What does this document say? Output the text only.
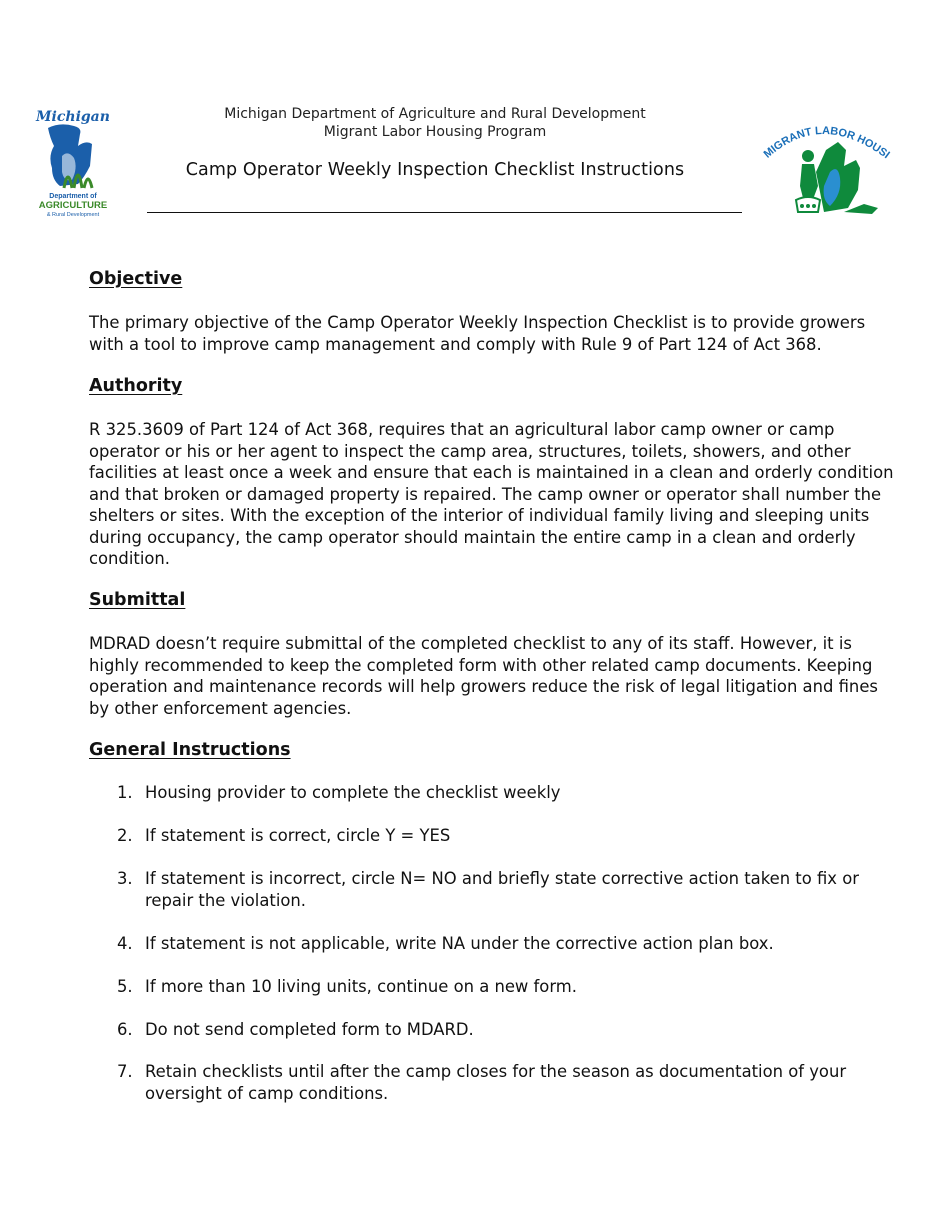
Michigan
Department of
AGRICULTURE
& Rural Development
Michigan Department of Agriculture and Rural Development
Migrant Labor Housing Program
Camp Operator Weekly Inspection Checklist Instructions
MIGRANT LABOR HOUSI
Objective

The primary objective of the Camp Operator Weekly Inspection Checklist is to provide growers with a tool to improve camp management and comply with Rule 9 of Part 124 of Act 368.

Authority

R 325.3609 of Part 124 of Act 368, requires that an agricultural labor camp owner or camp operator or his or her agent to inspect the camp area, structures, toilets, showers, and other facilities at least once a week and ensure that each is maintained in a clean and orderly condition and that broken or damaged property is repaired. The camp owner or operator shall number the shelters or sites. With the exception of the interior of individual family living and sleeping units during occupancy, the camp operator should maintain the entire camp in a clean and orderly condition.

Submittal

MDRAD doesn’t require submittal of the completed checklist to any of its staff. However, it is highly recommended to keep the completed form with other related camp documents. Keeping operation and maintenance records will help growers reduce the risk of legal litigation and fines by other enforcement agencies.

General Instructions
1. Housing provider to complete the checklist weekly
2. If statement is correct, circle Y = YES
3. If statement is incorrect, circle N= NO and briefly state corrective action taken to fix or repair the violation.
4. If statement is not applicable, write NA under the corrective action plan box.
5. If more than 10 living units, continue on a new form.
6. Do not send completed form to MDARD.
7. Retain checklists until after the camp closes for the season as documentation of your oversight of camp conditions.
